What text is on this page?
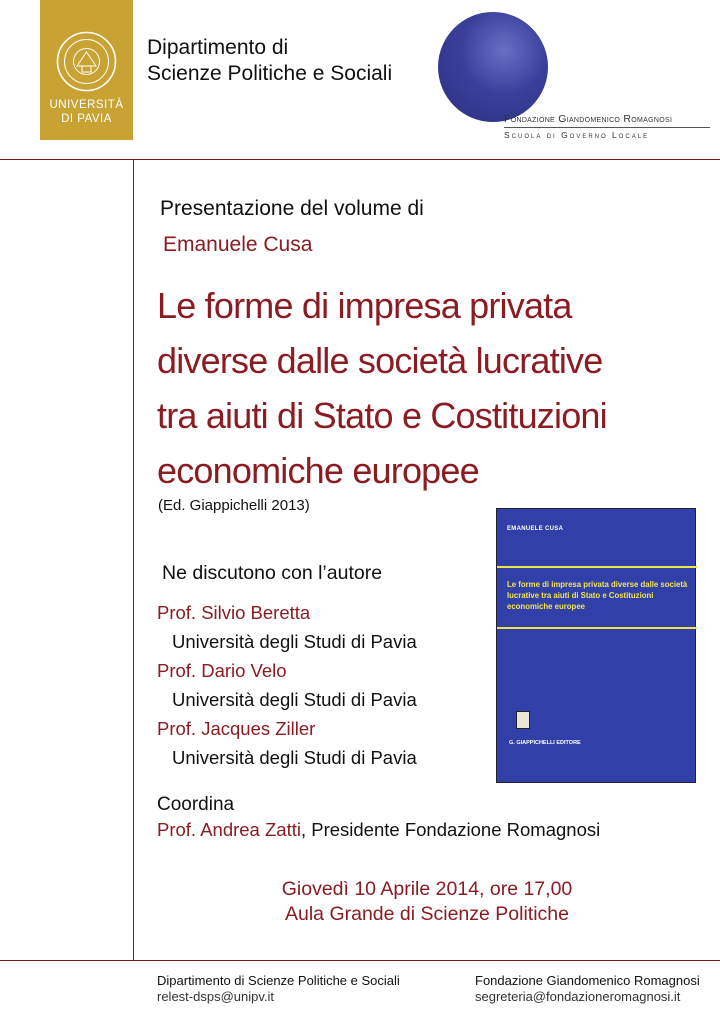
UNIVERSITÀ
DI PAVIA
Dipartimento di
Scienze Politiche e Sociali
Fondazione Giandomenico Romagnosi
Scuola di Governo Locale
Presentazione del volume di
Emanuele Cusa
Le forme di impresa privata
diverse dalle società lucrative
tra aiuti di Stato e Costituzioni
economiche europee
(Ed. Giappichelli 2013)
Ne discutono con l’autore
Prof. Silvio Beretta
Università degli Studi di Pavia
Prof. Dario Velo
Università degli Studi di Pavia
Prof. Jacques Ziller
Università degli Studi di Pavia
EMANUELE CUSA
Le forme di impresa privata diverse dalle società lucrative tra aiuti di Stato e Costituzioni economiche europee
G. GIAPPICHELLI EDITORE
Coordina
Prof. Andrea Zatti, Presidente Fondazione Romagnosi
Giovedì 10 Aprile 2014, ore 17,00
Aula Grande di Scienze Politiche
Dipartimento di Scienze Politiche e Sociali
relest-dsps@unipv.it
Fondazione Giandomenico Romagnosi
segreteria@fondazioneromagnosi.it
